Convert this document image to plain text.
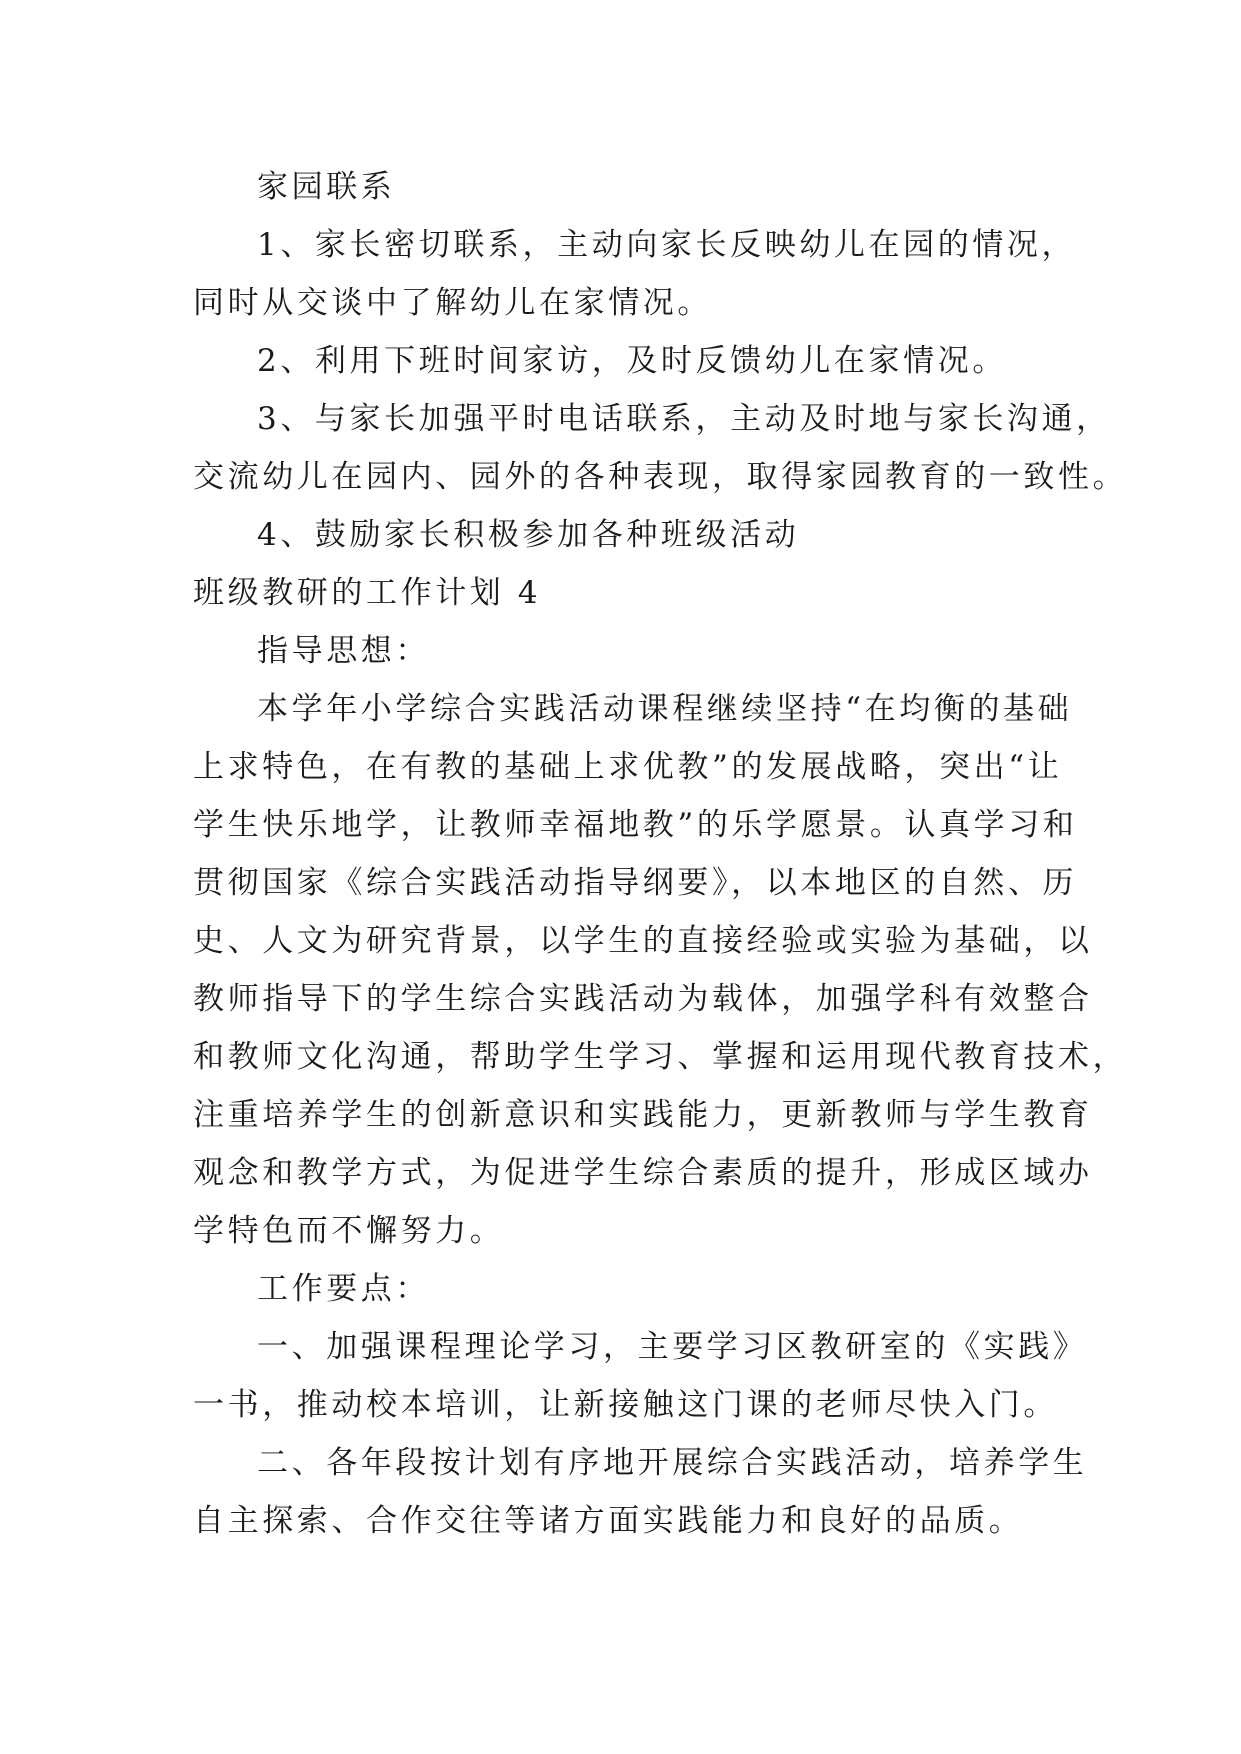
家园联系
1、家长密切联系，主动向家长反映幼儿在园的情况，
同时从交谈中了解幼儿在家情况。
2、利用下班时间家访，及时反馈幼儿在家情况。
3、与家长加强平时电话联系，主动及时地与家长沟通，
交流幼儿在园内、园外的各种表现，取得家园教育的一致性。
4、鼓励家长积极参加各种班级活动
班级教研的工作计划 4
指导思想：
本学年小学综合实践活动课程继续坚持“在均衡的基础
上求特色，在有教的基础上求优教”的发展战略，突出“让
学生快乐地学，让教师幸福地教”的乐学愿景。认真学习和
贯彻国家《综合实践活动指导纲要》，以本地区的自然、历
史、人文为研究背景，以学生的直接经验或实验为基础，以
教师指导下的学生综合实践活动为载体，加强学科有效整合
和教师文化沟通，帮助学生学习、掌握和运用现代教育技术，
注重培养学生的创新意识和实践能力，更新教师与学生教育
观念和教学方式，为促进学生综合素质的提升，形成区域办
学特色而不懈努力。
工作要点：
一、加强课程理论学习，主要学习区教研室的《实践》
一书，推动校本培训，让新接触这门课的老师尽快入门。
二、各年段按计划有序地开展综合实践活动，培养学生
自主探索、合作交往等诸方面实践能力和良好的品质。
